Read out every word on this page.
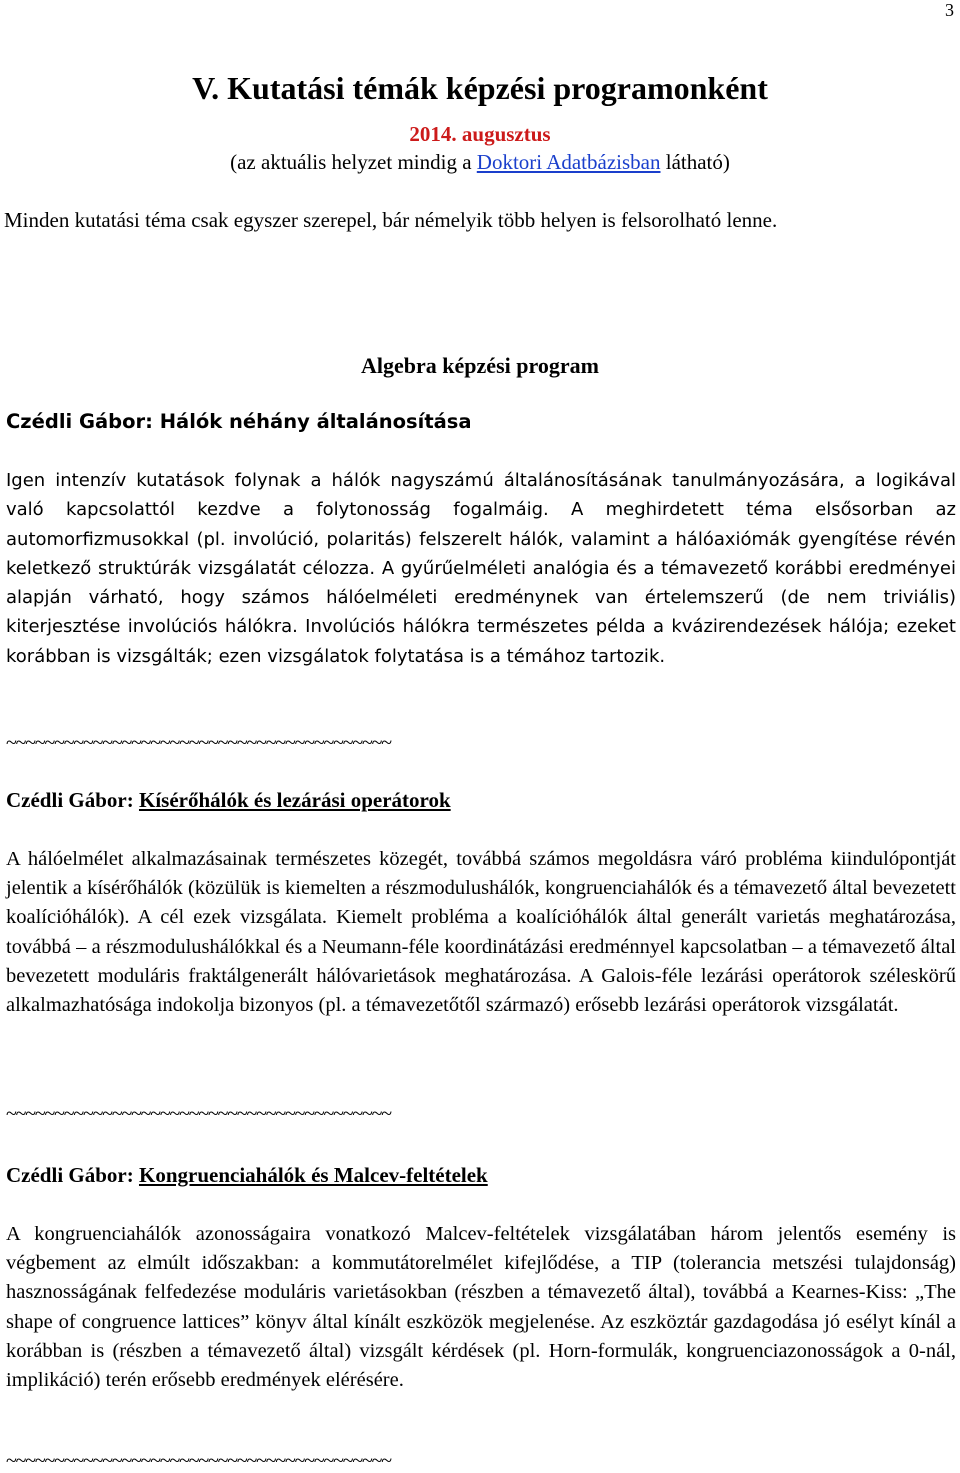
3
V. Kutatási témák képzési programonként
2014. augusztus
(az aktuális helyzet mindig a Doktori Adatbázisban látható)
Minden kutatási téma csak egyszer szerepel, bár némelyik több helyen is felsorolható lenne.
Algebra képzési program
Czédli Gábor: Hálók néhány általánosítása

Igen intenzív kutatások folynak a hálók nagyszámú általánosításának tanulmányozására, a logikával való kapcsolattól kezdve a folytonosság fogalmáig. A meghirdetett téma elsősorban az automorfizmusokkal (pl. involúció, polaritás) felszerelt hálók, valamint a hálóaxiómák gyengítése révén keletkező struktúrák vizsgálatát célozza. A gyűrűelméleti analógia és a témavezető korábbi eredményei alapján várható, hogy számos hálóelméleti eredménynek van értelemszerű (de nem triviális) kiterjesztése involúciós hálókra. Involúciós hálókra természetes példa a kvázirendezések hálója; ezeket korábban is vizsgálták; ezen vizsgálatok folytatása is a témához tartozik.

~~~~~~~~~~~~~~~~~~~~~~~~~~~~~~~~~~~~~~~~
Czédli Gábor: Kísérőhálók és lezárási operátorok

A hálóelmélet alkalmazásainak természetes közegét, továbbá számos megoldásra váró probléma kiindulópontját jelentik a kísérőhálók (közülük is kiemelten a részmodulushálók, kongruenciahálók és a témavezető által bevezetett koalícióhálók). A cél ezek vizsgálata. Kiemelt probléma a koalícióhálók által generált varietás meghatározása, továbbá – a részmodulushálókkal és a Neumann-féle koordinátázási eredménnyel kapcsolatban – a témavezető által bevezetett moduláris fraktálgenerált hálóvarietások meghatározása. A Galois-féle lezárási operátorok széleskörű alkalmazhatósága indokolja bizonyos (pl. a témavezetőtől származó) erősebb lezárási operátorok vizsgálatát.

~~~~~~~~~~~~~~~~~~~~~~~~~~~~~~~~~~~~~~~~
Czédli Gábor: Kongruenciahálók és Malcev-feltételek

A kongruenciahálók azonosságaira vonatkozó Malcev-feltételek vizsgálatában három jelentős esemény is végbement az elmúlt időszakban: a kommutátorelmélet kifejlődése, a TIP (tolerancia metszési tulajdonság) hasznosságának felfedezése moduláris varietásokban (részben a témavezető által), továbbá a Kearnes-Kiss: „The shape of congruence lattices” könyv által kínált eszközök megjelenése. Az eszköztár gazdagodása jó esélyt kínál a korábban is (részben a témavezető által) vizsgált kérdések (pl. Horn-formulák, kongruenciazonosságok a 0-nál, implikáció) terén erősebb eredmények elérésére.

~~~~~~~~~~~~~~~~~~~~~~~~~~~~~~~~~~~~~~~~
